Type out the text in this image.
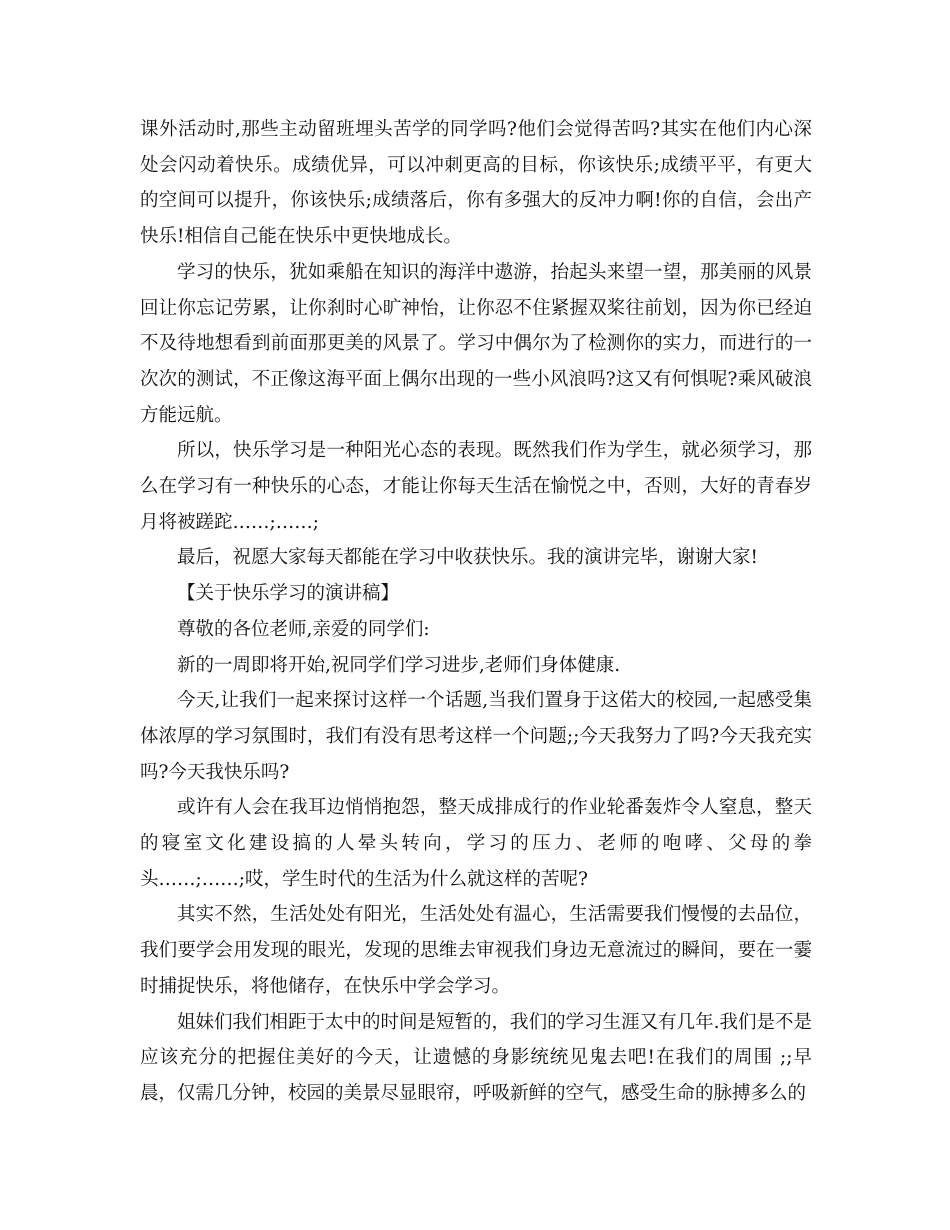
课外活动时,那些主动留班埋头苦学的同学吗?他们会觉得苦吗?其实在他们内心深处会闪动着快乐。成绩优异，可以冲刺更高的目标，你该快乐;成绩平平，有更大的空间可以提升，你该快乐;成绩落后，你有多强大的反冲力啊!你的自信，会出产快乐!相信自己能在快乐中更快地成长。

学习的快乐，犹如乘船在知识的海洋中遨游，抬起头来望一望，那美丽的风景回让你忘记劳累，让你刹时心旷神怡，让你忍不住紧握双桨往前划，因为你已经迫不及待地想看到前面那更美的风景了。学习中偶尔为了检测你的实力，而进行的一次次的测试，不正像这海平面上偶尔出现的一些小风浪吗?这又有何惧呢?乘风破浪方能远航。

所以，快乐学习是一种阳光心态的表现。既然我们作为学生，就必须学习，那么在学习有一种快乐的心态，才能让你每天生活在愉悦之中，否则，大好的青春岁月将被蹉跎……;……;

最后，祝愿大家每天都能在学习中收获快乐。我的演讲完毕，谢谢大家!

【关于快乐学习的演讲稿】

尊敬的各位老师,亲爱的同学们:

新的一周即将开始,祝同学们学习进步,老师们身体健康.

今天,让我们一起来探讨这样一个话题,当我们置身于这偌大的校园,一起感受集体浓厚的学习氛围时，我们有没有思考这样一个问题;;今天我努力了吗?今天我充实吗?今天我快乐吗?

或许有人会在我耳边悄悄抱怨，整天成排成行的作业轮番轰炸令人窒息，整天的寝室文化建设搞的人晕头转向，学习的压力、老师的咆哮、父母的拳头……;……;哎，学生时代的生活为什么就这样的苦呢?

其实不然，生活处处有阳光，生活处处有温心，生活需要我们慢慢的去品位，我们要学会用发现的眼光，发现的思维去审视我们身边无意流过的瞬间，要在一霎时捕捉快乐，将他储存，在快乐中学会学习。

姐妹们我们相距于太中的时间是短暂的，我们的学习生涯又有几年.我们是不是应该充分的把握住美好的今天，让遗憾的身影统统见鬼去吧!在我们的周围 ;;早晨，仅需几分钟，校园的美景尽显眼帘，呼吸新鲜的空气，感受生命的脉搏多么的
